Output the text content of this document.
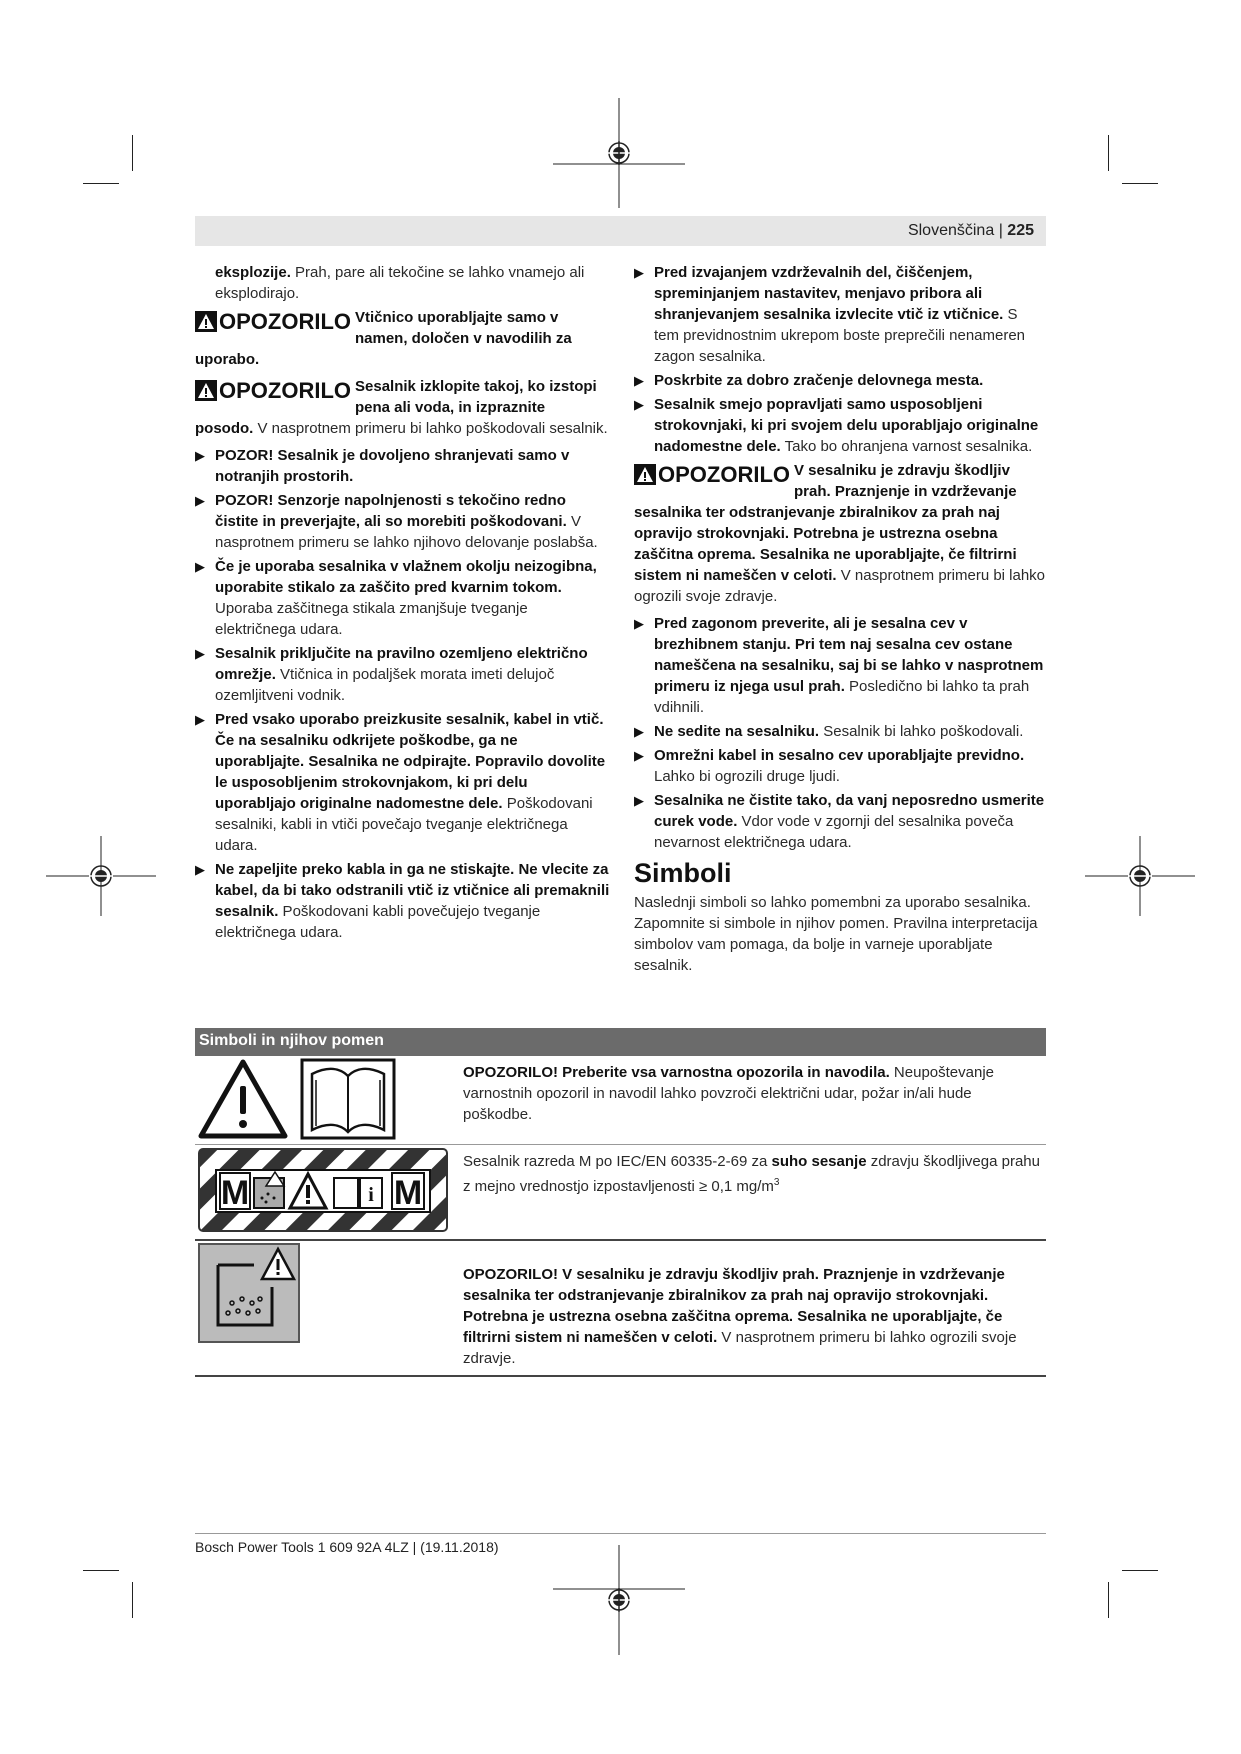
Slovenščina | 225

eksplozije. Prah, pare ali tekočine se lahko vnamejo ali eksplodirajo.

OPOZORILO Vtičnico uporabljajte samo v namen, določen v navodilih za

uporabo.

OPOZORILO Sesalnik izklopite takoj, ko izstopi pena ali voda, in izpraznite

posodo. V nasprotnem primeru bi lahko poškodovali sesalnik.

▶ POZOR! Sesalnik je dovoljeno shranjevati samo v notranjih prostorih.

▶ POZOR! Senzorje napolnjenosti s tekočino redno čistite in preverjajte, ali so morebiti poškodovani. V nasprotnem primeru se lahko njihovo delovanje poslabša.

▶ Če je uporaba sesalnika v vlažnem okolju neizogibna, uporabite stikalo za zaščito pred kvarnim tokom. Uporaba zaščitnega stikala zmanjšuje tveganje električnega udara.

▶ Sesalnik priključite na pravilno ozemljeno električno omrežje. Vtičnica in podaljšek morata imeti delujoč ozemljitveni vodnik.

▶ Pred vsako uporabo preizkusite sesalnik, kabel in vtič. Če na sesalniku odkrijete poškodbe, ga ne uporabljajte. Sesalnika ne odpirajte. Popravilo dovolite le usposobljenim strokovnjakom, ki pri delu uporabljajo originalne nadomestne dele. Poškodovani sesalniki, kabli in vtiči povečajo tveganje električnega udara.

▶ Ne zapeljite preko kabla in ga ne stiskajte. Ne vlecite za kabel, da bi tako odstranili vtič iz vtičnice ali premaknili sesalnik. Poškodovani kabli povečujejo tveganje električnega udara.

▶ Pred izvajanjem vzdrževalnih del, čiščenjem, spreminjanjem nastavitev, menjavo pribora ali shranjevanjem sesalnika izvlecite vtič iz vtičnice. S tem previdnostnim ukrepom boste preprečili nenameren zagon sesalnika.

▶ Poskrbite za dobro zračenje delovnega mesta.

▶ Sesalnik smejo popravljati samo usposobljeni strokovnjaki, ki pri svojem delu uporabljajo originalne nadomestne dele. Tako bo ohranjena varnost sesalnika.

OPOZORILO V sesalniku je zdravju škodljiv prah. Praznjenje in vzdrževanje

sesalnika ter odstranjevanje zbiralnikov za prah naj opravijo strokovnjaki. Potrebna je ustrezna osebna zaščitna oprema. Sesalnika ne uporabljajte, če filtrirni sistem ni nameščen v celoti. V nasprotnem primeru bi lahko ogrozili svoje zdravje.

▶ Pred zagonom preverite, ali je sesalna cev v brezhibnem stanju. Pri tem naj sesalna cev ostane nameščena na sesalniku, saj bi se lahko v nasprotnem primeru iz njega usul prah. Posledično bi lahko ta prah vdihnili.

▶ Ne sedite na sesalniku. Sesalnik bi lahko poškodovali.

▶ Omrežni kabel in sesalno cev uporabljajte previdno. Lahko bi ogrozili druge ljudi.

▶ Sesalnika ne čistite tako, da vanj neposredno usmerite curek vode. Vdor vode v zgornji del sesalnika poveča nevarnost električnega udara.

Simboli

Naslednji simboli so lahko pomembni za uporabo sesalnika. Zapomnite si simbole in njihov pomen. Pravilna interpretacija simbolov vam pomaga, da bolje in varneje uporabljate sesalnik.

Simboli in njihov pomen

OPOZORILO! Preberite vsa varnostna opozorila in navodila. Neupoštevanje varnostnih opozoril in navodil lahko povzroči električni udar, požar in/ali hude poškodbe.

M	i M

Sesalnik razreda M po IEC/EN 60335-2-69 za suho sesanje zdravju škodljivega prahu z mejno vrednostjo izpostavljenosti ≥ 0,1 $mg/m^3$

OPOZORILO! V sesalniku je zdravju škodljiv prah. Praznjenje in vzdrževanje sesalnika ter odstranjevanje zbiralnikov za prah naj opravijo strokovnjaki. Potrebna je ustrezna osebna zaščitna oprema. Sesalnika ne uporabljajte, če filtrirni sistem ni nameščen v celoti. V nasprotnem primeru bi lahko ogrozili svoje zdravje.

Bosch Power Tools 1 609 92A 4LZ | (19.11.2018)
